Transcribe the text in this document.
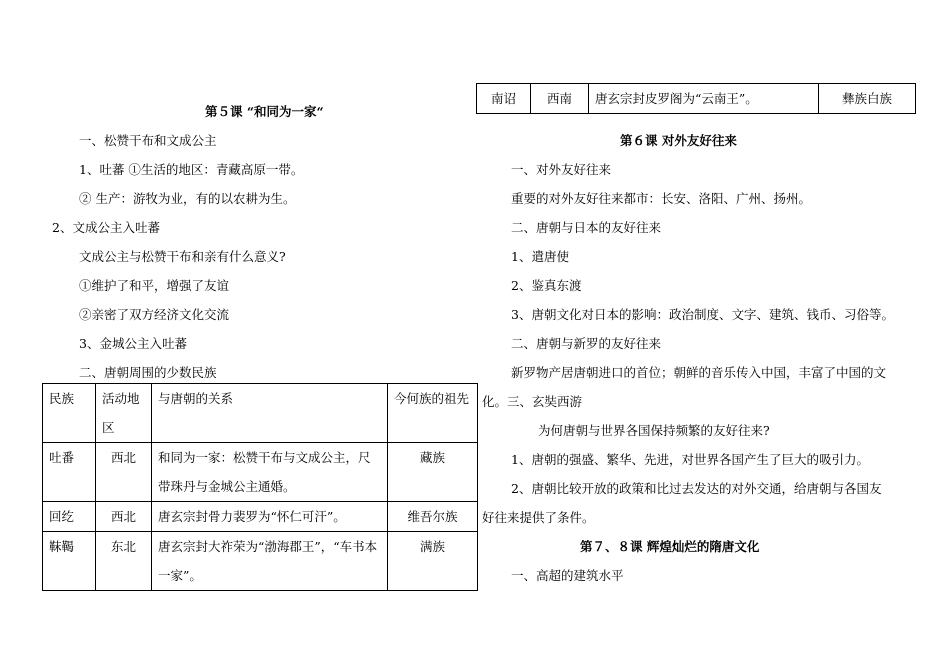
第５课 “和同为一家“
一、松赞干布和文成公主
1、吐蕃 ①生活的地区：青藏高原一带。
② 生产：游牧为业，有的以农耕为生。
2、文成公主入吐蕃
文成公主与松赞干布和亲有什么意义?
①维护了和平，增强了友谊
②亲密了双方经济文化交流
3、金城公主入吐蕃
二、唐朝周围的少数民族
民族	活动地区	与唐朝的关系	今何族的祖先
吐番	西北	和同为一家：松赞干布与文成公主，尺带珠丹与金城公主通婚。	藏族
回纥	西北	唐玄宗封骨力裴罗为“怀仁可汗”。	维吾尔族
靺鞨	东北	唐玄宗封大祚荣为“渤海郡王”，“车书本一家”。	满族
南诏	西南	唐玄宗封皮罗阁为“云南王”。	彝族白族
第６课 对外友好往来
一、对外友好往来
重要的对外友好往来都市：长安、洛阳、广州、扬州。
二、唐朝与日本的友好往来
1、遣唐使
2、鉴真东渡
3、唐朝文化对日本的影响：政治制度、文字、建筑、钱币、习俗等。
二、唐朝与新罗的友好往来
新罗物产居唐朝进口的首位；朝鲜的音乐传入中国，丰富了中国的文
化。三、玄奘西游
为何唐朝与世界各国保持频繁的友好往来?
1、唐朝的强盛、繁华、先进，对世界各国产生了巨大的吸引力。
2、唐朝比较开放的政策和比过去发达的对外交通，给唐朝与各国友
好往来提供了条件。
第７、８课 辉煌灿烂的隋唐文化
一、高超的建筑水平
